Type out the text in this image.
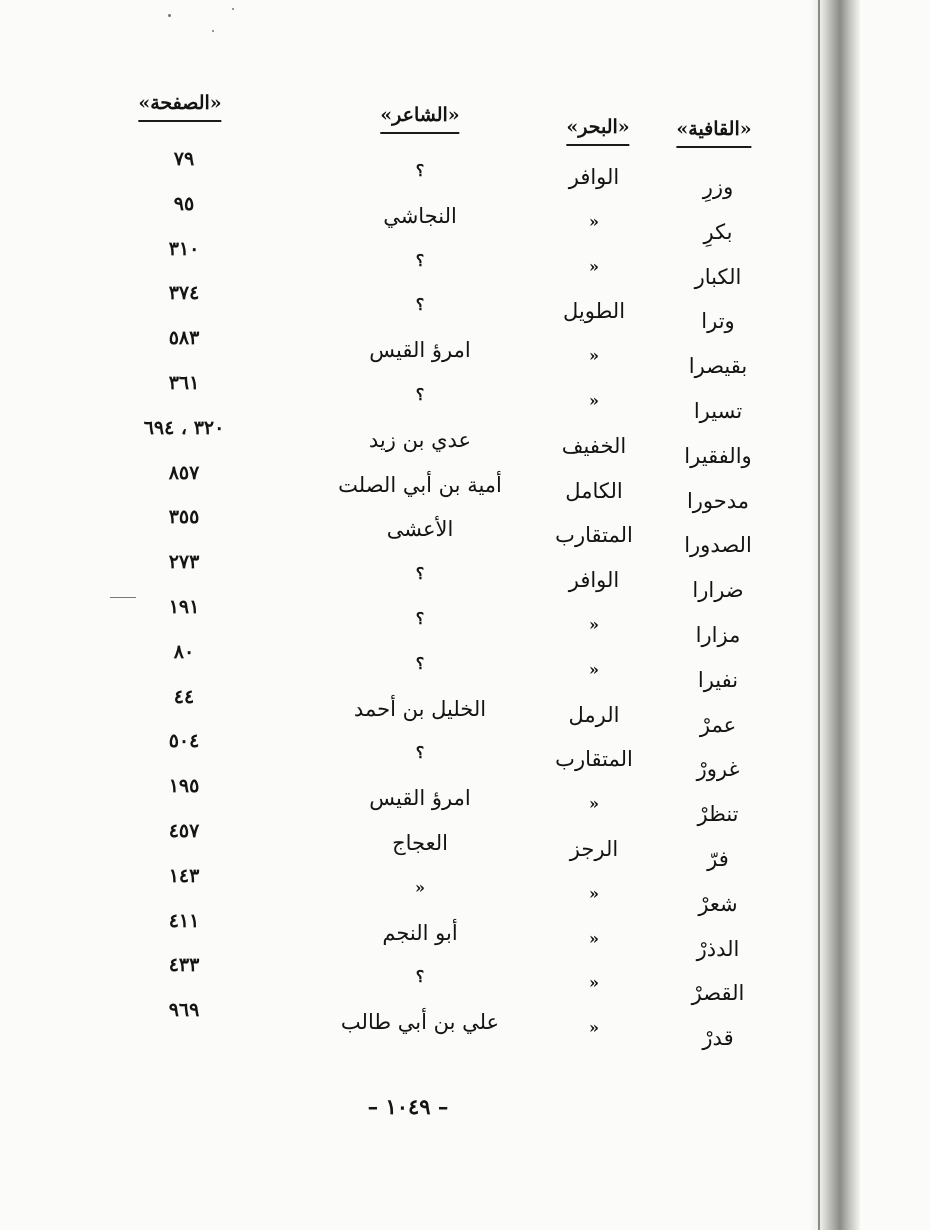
«القافية»
«البحر»
«الشاعر»
«الصفحة»
وزرِ
الوافر
؟
٧٩
بكرِ
«
النجاشي
٩٥
الكبار
«
؟
٣١٠
وترا
الطويل
؟
٣٧٤
بقيصرا
«
امرؤ القيس
٥٨٣
تسيرا
«
؟
٣٦١
والفقيرا
الخفيف
عدي بن زيد
٣٢٠ ، ٦٩٤
مدحورا
الكامل
أمية بن أبي الصلت
٨٥٧
الصدورا
المتقارب
الأعشى
٣٥٥
ضرارا
الوافر
؟
٢٧٣
مزارا
«
؟
١٩١
نفيرا
«
؟
٨٠
عمرْ
الرمل
الخليل بن أحمد
٤٤
غرورْ
المتقارب
؟
٥٠٤
تنظرْ
«
امرؤ القيس
١٩٥
فرّ
الرجز
العجاج
٤٥٧
شعرْ
«
«
١٤٣
الدذرْ
«
أبو النجم
٤١١
القصرْ
«
؟
٤٣٣
قدرْ
«
علي بن أبي طالب
٩٦٩
– ١٠٤٩ –
